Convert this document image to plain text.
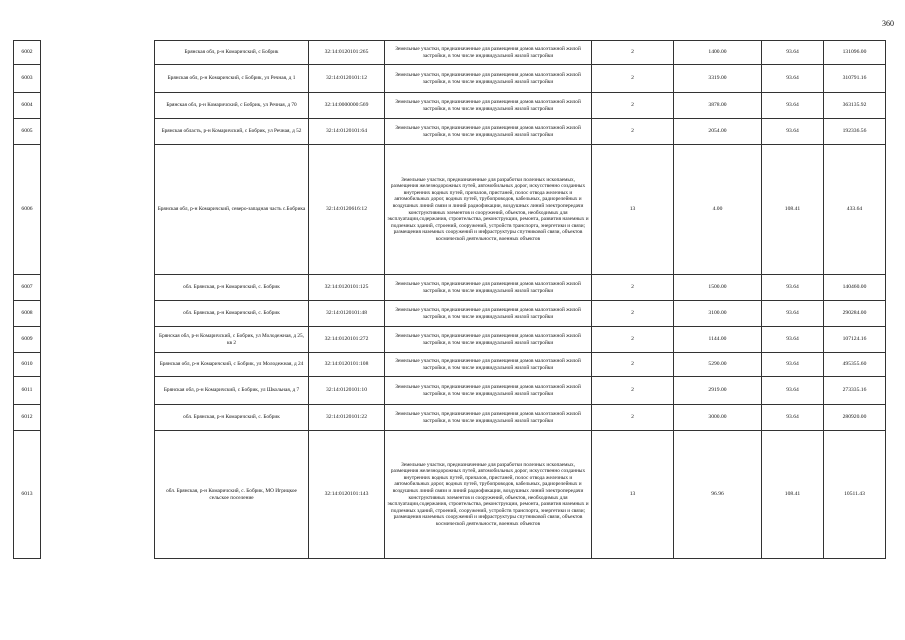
360
6002		Брянская обл, р-н Комаричский, с Бобрик	32:14:0120101:265	Земельные участки, предназначенные для размещения домов малоэтажной жилой застройки, в том числе индивидуальной жилой застройки	2	1400.00	93.64	131096.00
6003		Брянская обл, р-н Комаричский, с Бобрик, ул Речная, д 1	32:14:0120101:12	Земельные участки, предназначенные для размещения домов малоэтажной жилой застройки, в том числе индивидуальной жилой застройки	2	3319.00	93.64	310791.16
6004		Брянская обл, р-н Комаричский, с Бобрик, ул Речная, д 70	32:14:0000000:569	Земельные участки, предназначенные для размещения домов малоэтажной жилой застройки, в том числе индивидуальной жилой застройки	2	3878.00	93.64	363135.92
6005		Брянская область, р-н Комаричский, с Бобрик, ул Речная, д 52	32:14:0120101:64	Земельные участки, предназначенные для размещения домов малоэтажной жилой застройки, в том числе индивидуальной жилой застройки	2	2054.00	93.64	192336.56
6006		Брянская обл, р-н Комаричский, северо-западная часть с.Бобрика	32:14:0120616:12	Земельные участки, предназначенные для разработки полезных ископаемых, размещения железнодорожных путей, автомобильных дорог, искусственно созданных внутренних водных путей, причалов, пристаней, полос отвода железных и автомобильных дорог, водных путей, трубопроводов, кабельных, радиорелейных и воздушных линий связи и линий радиофикации, воздушных линий электропередачи конструктивных элементов и сооружений, объектов, необходимых для эксплуатации,содержания, строительства, реконструкции, ремонта, развития наземных и подземных зданий, строений, сооружений, устройств транспорта, энергетики и связи; размещения наземных сооружений и инфраструктуры спутниковой связи, объектов космической деятельности, военных объектов	13	4.00	108.41	433.64
6007		обл. Брянская, р-н Комаричский, с. Бобрик	32:14:0120101:125	Земельные участки, предназначенные для размещения домов малоэтажной жилой застройки, в том числе индивидуальной жилой застройки	2	1500.00	93.64	140460.00
6008		обл. Брянская, р-н Комаричский, с. Бобрик	32:14:0120101:48	Земельные участки, предназначенные для размещения домов малоэтажной жилой застройки, в том числе индивидуальной жилой застройки	2	3100.00	93.64	290284.00
6009		Брянская обл, р-н Комаричский, с Бобрик, ул Молодежная, д 25, кв 2	32:14:0120101:272	Земельные участки, предназначенные для размещения домов малоэтажной жилой застройки, в том числе индивидуальной жилой застройки	2	1144.00	93.64	107124.16
6010		Брянская обл, р-н Комаричский, с Бобрик, ул Молодежная, д 24	32:14:0120101:108	Земельные участки, предназначенные для размещения домов малоэтажной жилой застройки, в том числе индивидуальной жилой застройки	2	5290.00	93.64	495355.60
6011		Брянская обл, р-н Комаричский, с Бобрик, ул Школьная, д 7	32:14:0120101:10	Земельные участки, предназначенные для размещения домов малоэтажной жилой застройки, в том числе индивидуальной жилой застройки	2	2919.00	93.64	273335.16
6012		обл. Брянская, р-н Комаричский, с. Бобрик	32:14:0120101:22	Земельные участки, предназначенные для размещения домов малоэтажной жилой застройки, в том числе индивидуальной жилой застройки	2	3000.00	93.64	280920.00
6013		обл. Брянская, р-н Комаричский, с. Бобрик, МО Игрицкое сельское поселение	32:14:0120101:143	Земельные участки, предназначенные для разработки полезных ископаемых, размещения железнодорожных путей, автомобильных дорог, искусственно созданных внутренних водных путей, причалов, пристаней, полос отвода железных и автомобильных дорог, водных путей, трубопроводов, кабельных, радиорелейных и воздушных линий связи и линий радиофикации, воздушных линий электропередачи конструктивных элементов и сооружений, объектов, необходимых для эксплуатации,содержания, строительства, реконструкции, ремонта, развития наземных и подземных зданий, строений, сооружений, устройств транспорта, энергетики и связи; размещения наземных сооружений и инфраструктуры спутниковой связи, объектов космической деятельности, военных объектов	13	96.96	108.41	10511.43
